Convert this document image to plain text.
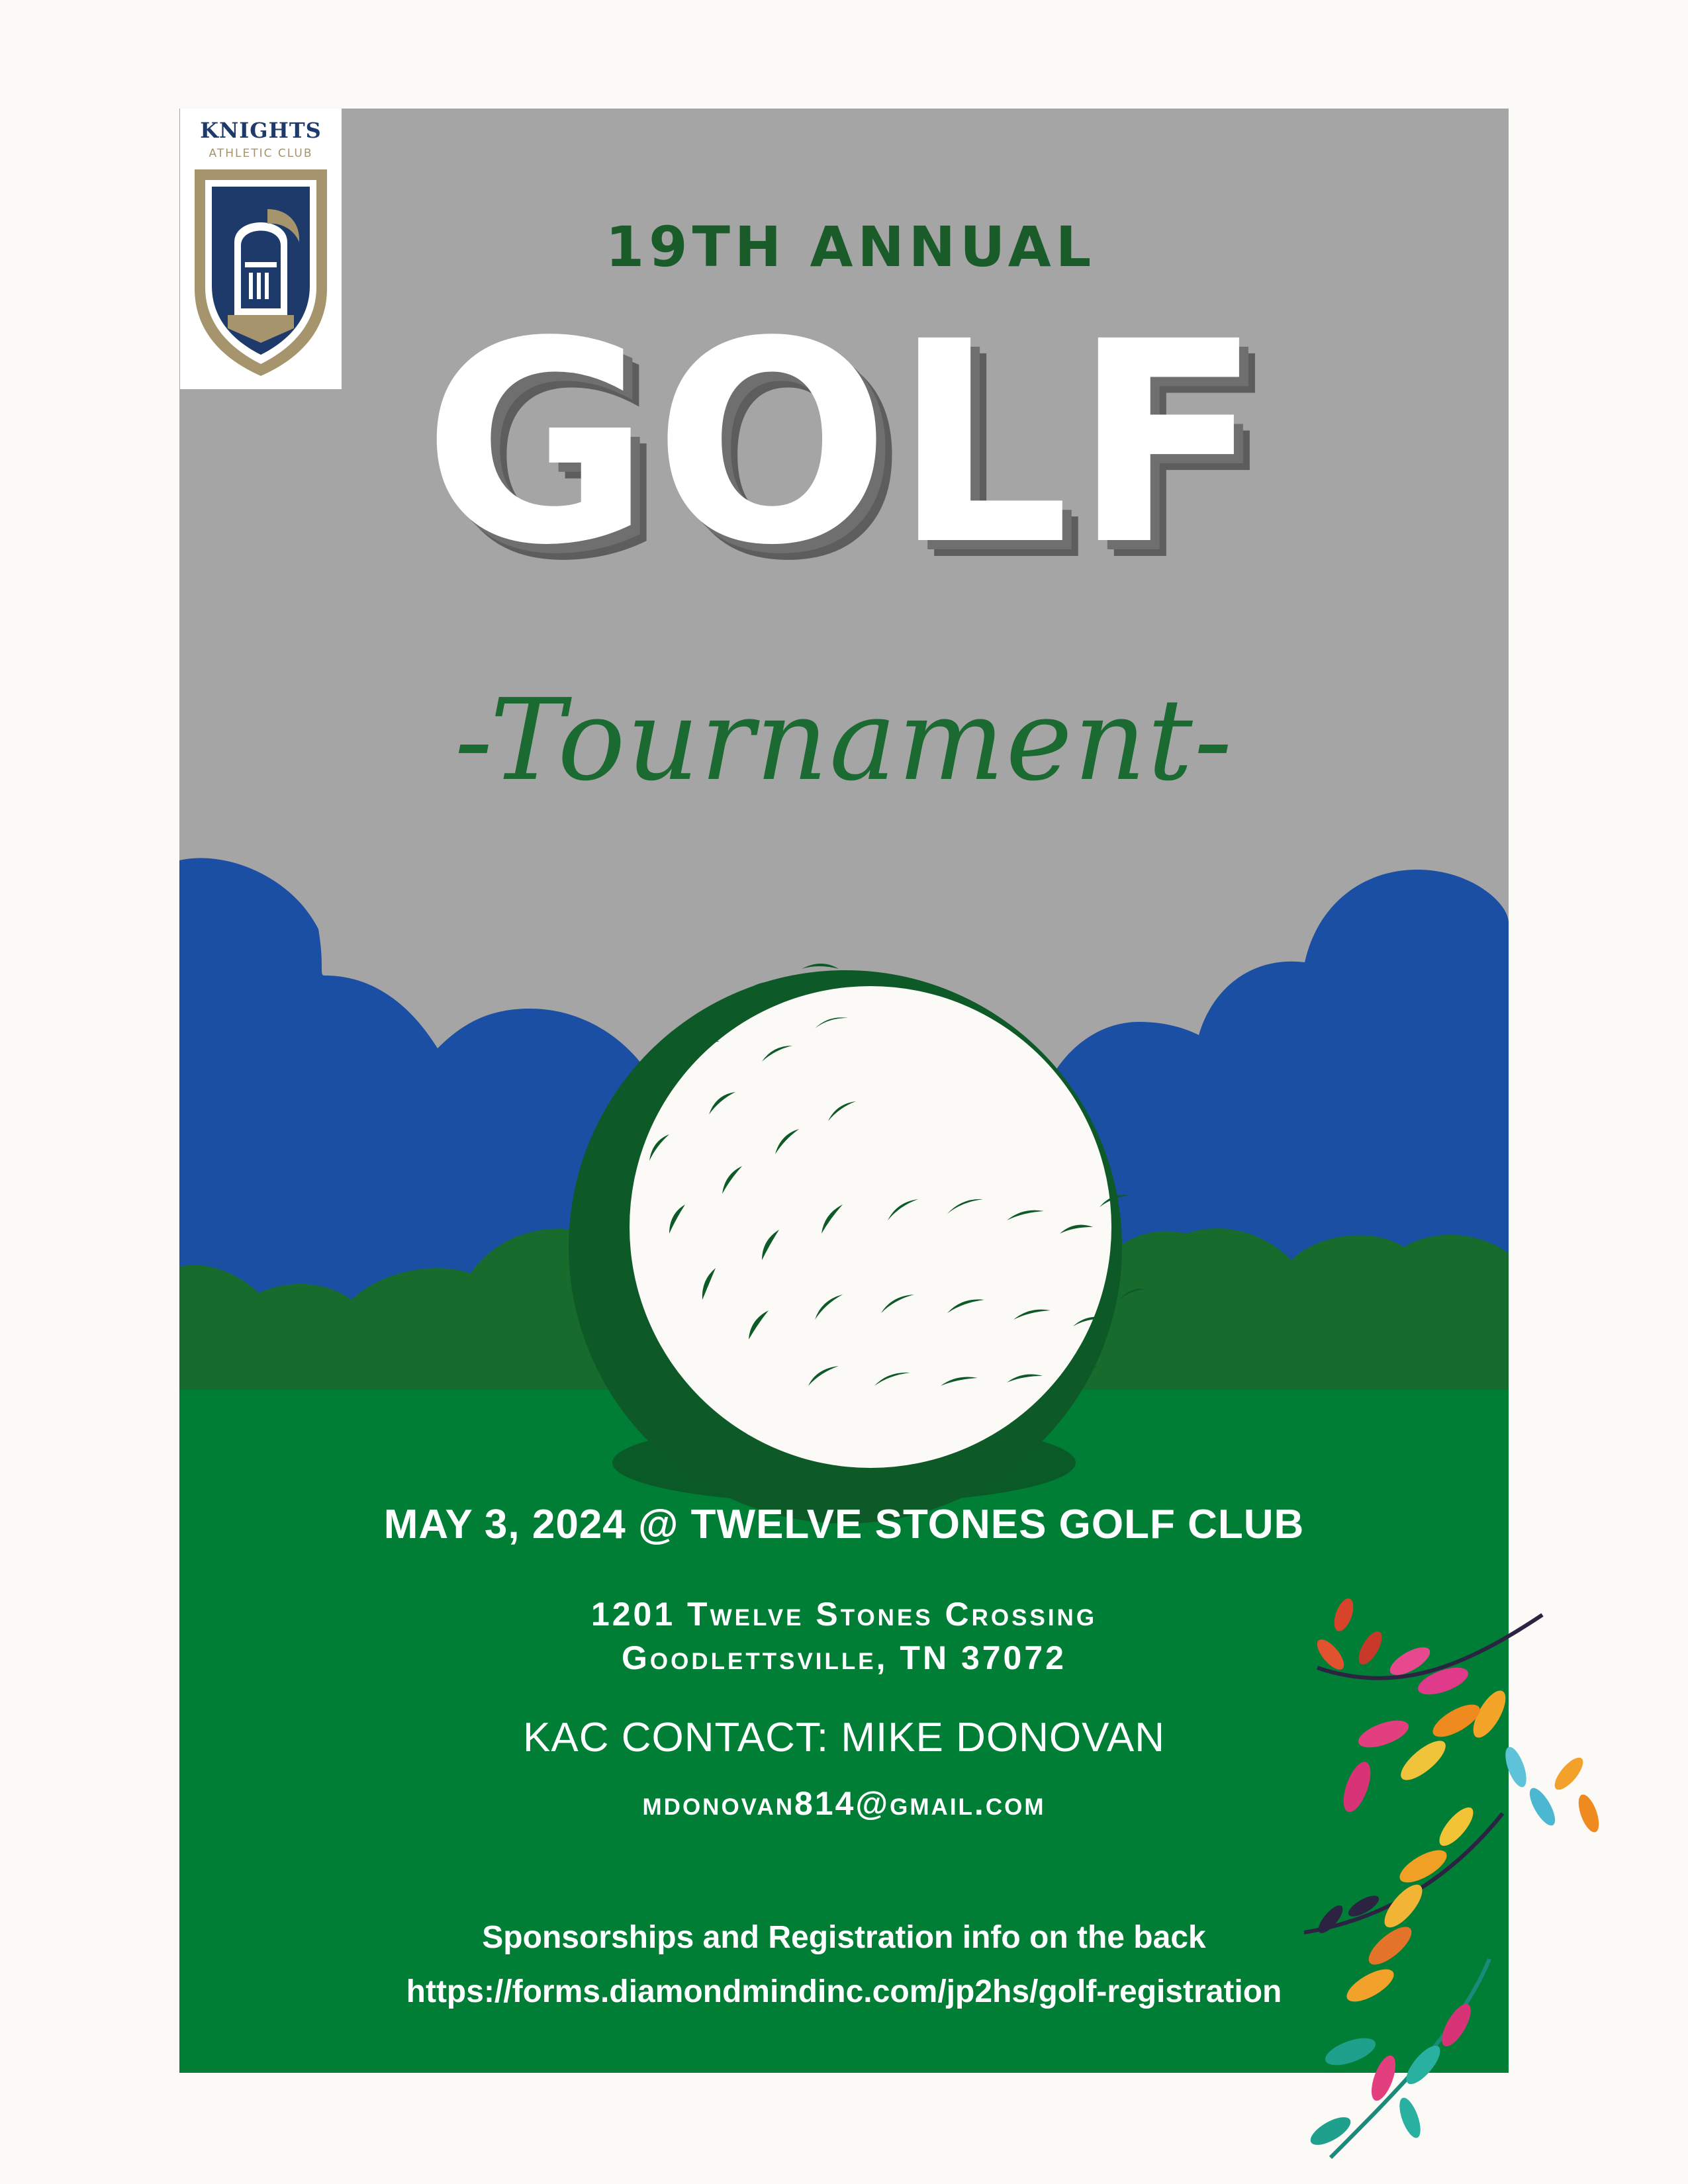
KNIGHTS
ATHLETIC CLUB
19TH ANNUAL
GOLF
-Tournament-
MAY 3, 2024 @ TWELVE STONES GOLF CLUB
1201 Twelve Stones Crossing
Goodlettsville, TN 37072
KAC CONTACT: MIKE DONOVAN
mdonovan814@gmail.com
Sponsorships and Registration info on the back
https://forms.diamondmindinc.com/jp2hs/golf-registration
